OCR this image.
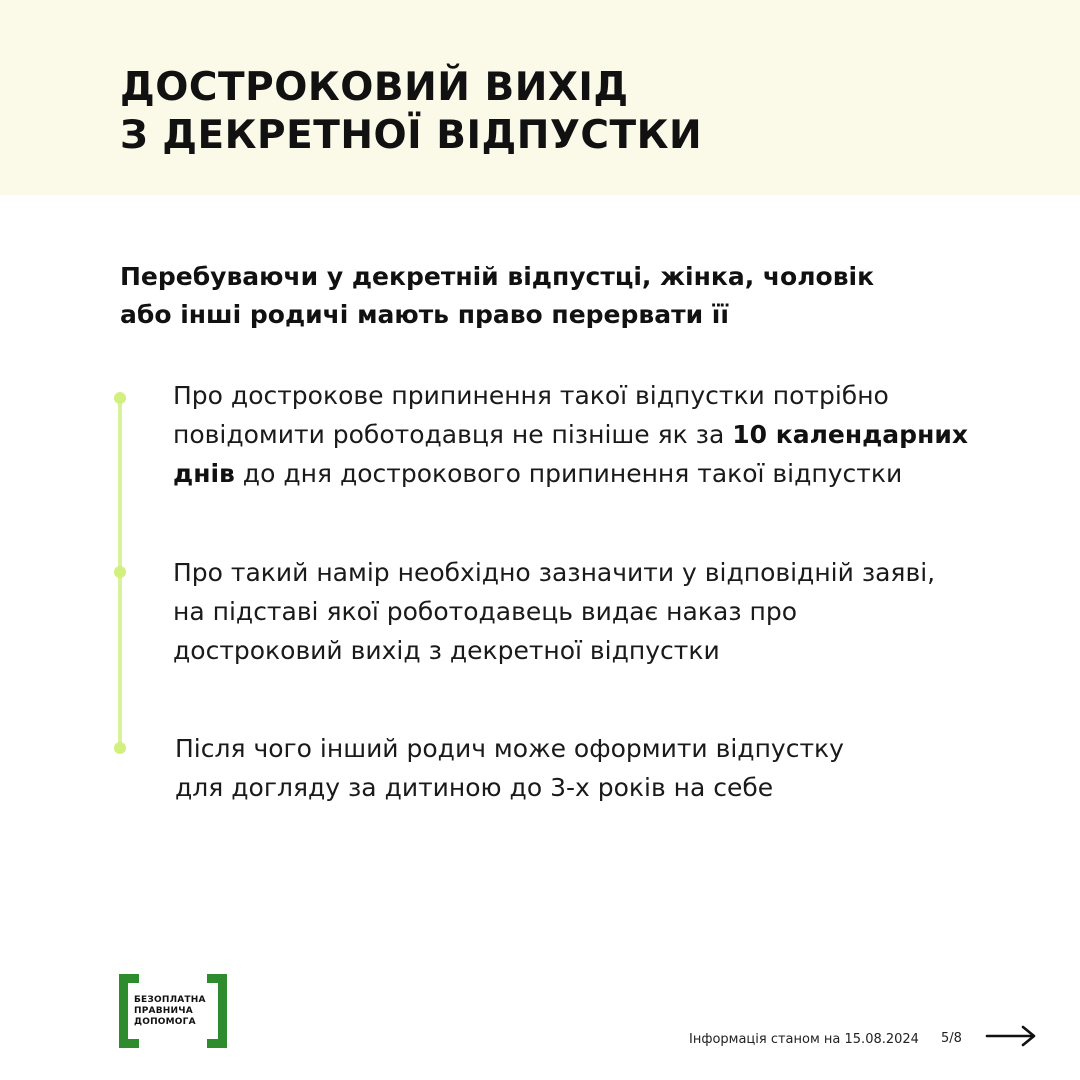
ДОСТРОКОВИЙ ВИХІД
З ДЕКРЕТНОЇ ВІДПУСТКИ
Перебуваючи у декретній відпустці, жінка, чоловік
або інші родичі мають право перервати її
Про дострокове припинення такої відпустки потрібно
повідомити роботодавця не пізніше як за 10 календарних
днів до дня дострокового припинення такої відпустки
Про такий намір необхідно зазначити у відповідній заяві,
на підставі якої роботодавець видає наказ про
достроковий вихід з декретної відпустки
Після чого інший родич може оформити відпустку
для догляду за дитиною до 3-х років на себе
БЕЗОПЛАТНА
ПРАВНИЧА
ДОПОМОГА
Інформація станом на 15.08.2024 5/8
